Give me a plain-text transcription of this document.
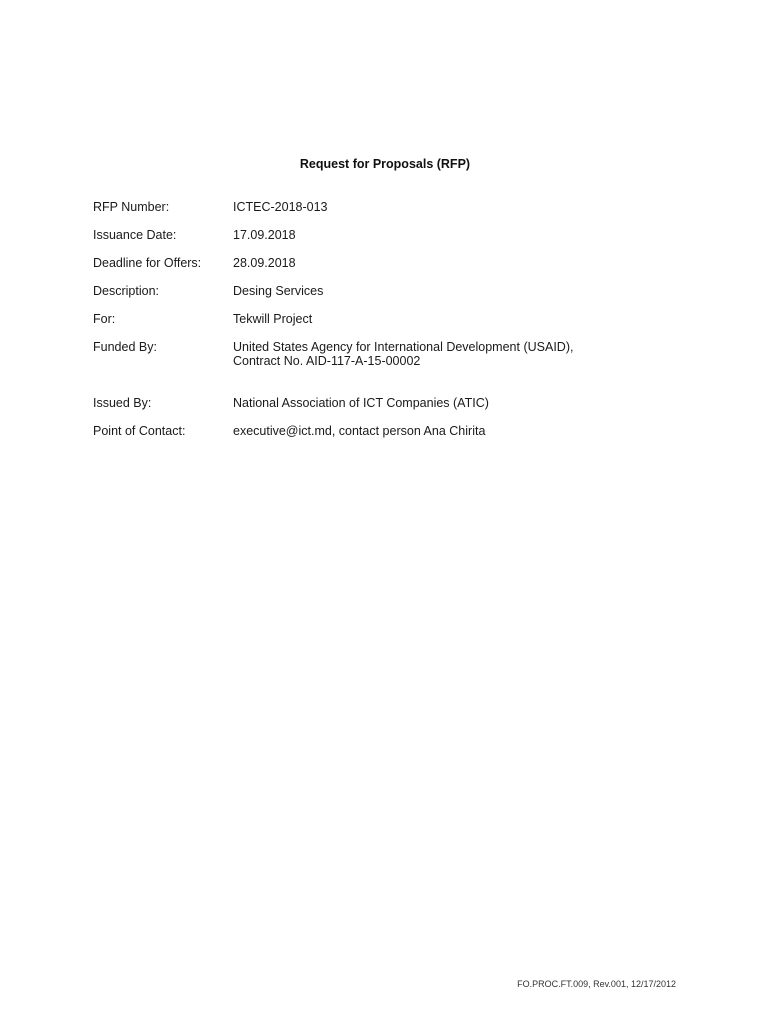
Request for Proposals (RFP)
RFP Number:	ICTEC-2018-013
Issuance Date:	17.09.2018
Deadline for Offers:	28.09.2018
Description:	Desing Services
For:	Tekwill Project
Funded By:	United States Agency for International Development (USAID),
Contract No. AID-117-A-15-00002
Issued By:	National Association of ICT Companies (ATIC)
Point of Contact:	executive@ict.md, contact person Ana Chirita
FO.PROC.FT.009, Rev.001, 12/17/2012
